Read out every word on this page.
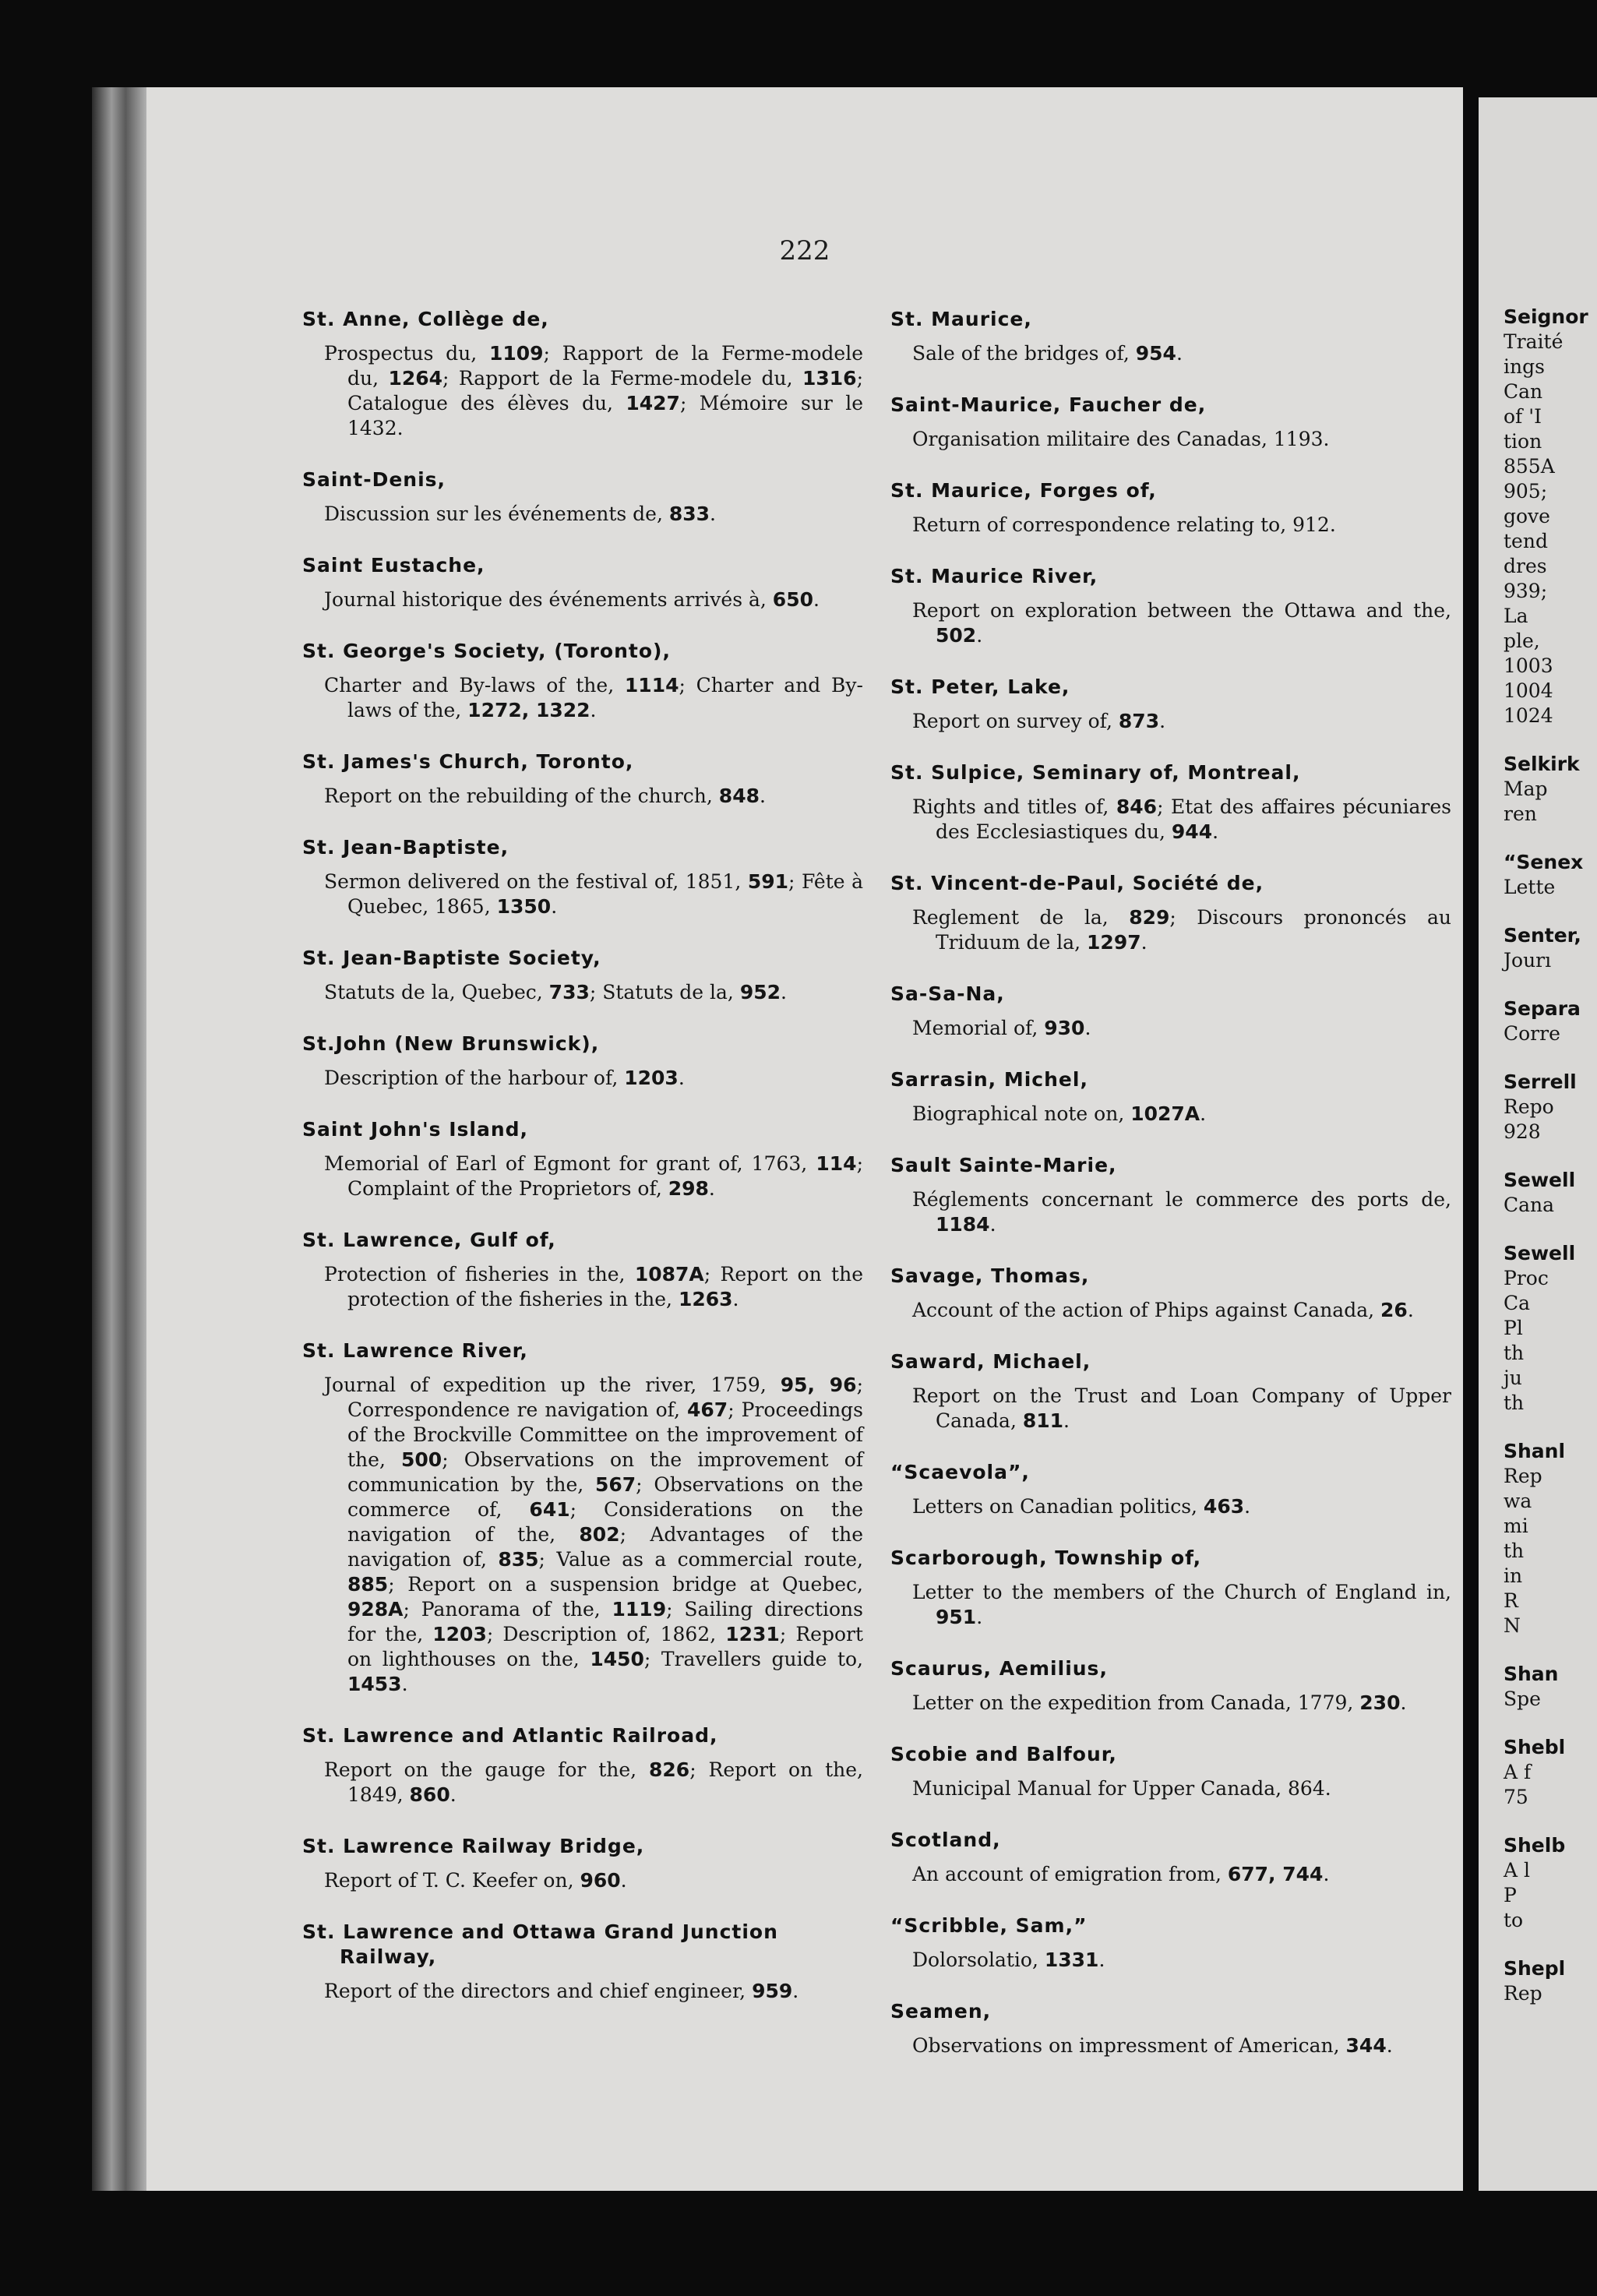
222
St. Anne, Collège de,
Prospectus du, 1109; Rapport de la Ferme-modele du, 1264; Rapport de la Ferme-modele du, 1316; Catalogue des élèves du, 1427; Mémoire sur le 1432.
Saint-Denis,
Discussion sur les événements de, 833.
Saint Eustache,
Journal historique des événements arrivés à, 650.
St. George's Society, (Toronto),
Charter and By-laws of the, 1114; Charter and By-laws of the, 1272, 1322.
St. James's Church, Toronto,
Report on the rebuilding of the church, 848.
St. Jean-Baptiste,
Sermon delivered on the festival of, 1851, 591; Fête à Quebec, 1865, 1350.
St. Jean-Baptiste Society,
Statuts de la, Quebec, 733; Statuts de la, 952.
St.John (New Brunswick),
Description of the harbour of, 1203.
Saint John's Island,
Memorial of Earl of Egmont for grant of, 1763, 114; Complaint of the Proprietors of, 298.
St. Lawrence, Gulf of,
Protection of fisheries in the, 1087A; Report on the protection of the fisheries in the, 1263.
St. Lawrence River,
Journal of expedition up the river, 1759, 95, 96; Correspondence re navigation of, 467; Proceedings of the Brockville Committee on the improvement of the, 500; Observations on the improvement of communication by the, 567; Observations on the commerce of, 641; Considerations on the navigation of the, 802; Advantages of the navigation of, 835; Value as a commercial route, 885; Report on a suspension bridge at Quebec, 928A; Panorama of the, 1119; Sailing directions for the, 1203; Description of, 1862, 1231; Report on lighthouses on the, 1450; Travellers guide to, 1453.
St. Lawrence and Atlantic Railroad,
Report on the gauge for the, 826; Report on the, 1849, 860.
St. Lawrence Railway Bridge,
Report of T. C. Keefer on, 960.
St. Lawrence and Ottawa Grand Junction Railway,
Report of the directors and chief engineer, 959.
St. Maurice,
Sale of the bridges of, 954.
Saint-Maurice, Faucher de,
Organisation militaire des Canadas, 1193.
St. Maurice, Forges of,
Return of correspondence relating to, 912.
St. Maurice River,
Report on exploration between the Ottawa and the, 502.
St. Peter, Lake,
Report on survey of, 873.
St. Sulpice, Seminary of, Montreal,
Rights and titles of, 846; Etat des affaires pécuniares des Ecclesiastiques du, 944.
St. Vincent-de-Paul, Société de,
Reglement de la, 829; Discours prononcés au Triduum de la, 1297.
Sa-Sa-Na,
Memorial of, 930.
Sarrasin, Michel,
Biographical note on, 1027A.
Sault Sainte-Marie,
Réglements concernant le commerce des ports de, 1184.
Savage, Thomas,
Account of the action of Phips against Canada, 26.
Saward, Michael,
Report on the Trust and Loan Company of Upper Canada, 811.
“Scaevola”,
Letters on Canadian politics, 463.
Scarborough, Township of,
Letter to the members of the Church of England in, 951.
Scaurus, Aemilius,
Letter on the expedition from Canada, 1779, 230.
Scobie and Balfour,
Municipal Manual for Upper Canada, 864.
Scotland,
An account of emigration from, 677, 744.
“Scribble, Sam,”
Dolorsolatio, 1331.
Seamen,
Observations on impressment of American, 344.
Seignor
Traité
ings
Can
of 'I
tion
855A
905;
gove
tend
dres
939;
La
ple,
1003
1004
1024
Selkirk
Map
ren
“Senex
Lette
Senter,
Jourı
Separa
Corre
Serrell
Repo
928
Sewell
Cana
Sewell
Proc
Ca
Pl
th
ju
th
Shanl
Rep
wa
mi
th
in
R
N
Shan
Spe
Shebl
A f
75
Shelb
A l
P
to
Shepl
Rep
